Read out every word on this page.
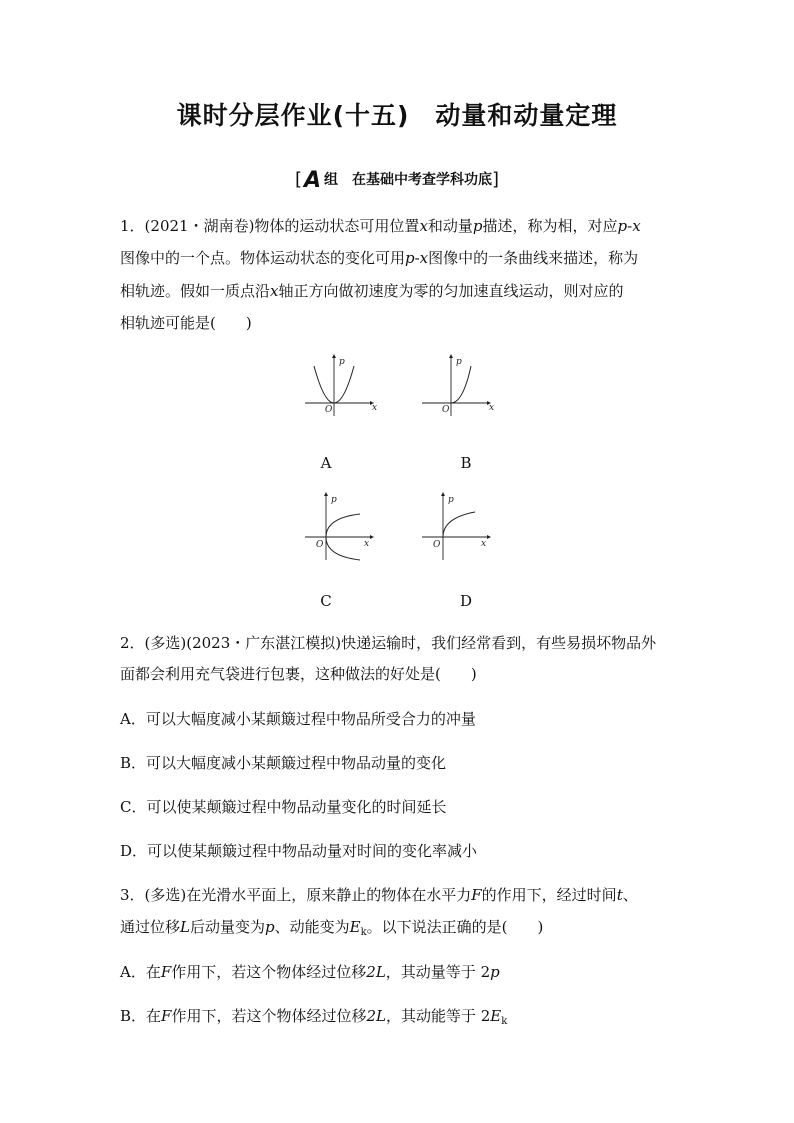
课时分层作业(十五) 动量和动量定理
[A 组　在基础中考查学科功底]
1．(2021・湖南卷)物体的运动状态可用位置x和动量p描述，称为相，对应p-x
图像中的一个点。物体运动状态的变化可用p-x图像中的一条曲线来描述，称为
相轨迹。假如一质点沿x轴正方向做初速度为零的匀加速直线运动，则对应的
相轨迹可能是(　　)
p
x
O
A
p
x
O
B
p
x
O
C
p
x
O
D
2．(多选)(2023・广东湛江模拟)快递运输时，我们经常看到，有些易损坏物品外
面都会利用充气袋进行包裹，这种做法的好处是(　　)
A．可以大幅度减小某颠簸过程中物品所受合力的冲量
B．可以大幅度减小某颠簸过程中物品动量的变化
C．可以使某颠簸过程中物品动量变化的时间延长
D．可以使某颠簸过程中物品动量对时间的变化率减小
3．(多选)在光滑水平面上，原来静止的物体在水平力F的作用下，经过时间t、
通过位移L后动量变为p、动能变为$E_k$。以下说法正确的是(　　)
A．在F作用下，若这个物体经过位移2L，其动量等于 2p
B．在F作用下，若这个物体经过位移2L，其动能等于 $2E_k$
